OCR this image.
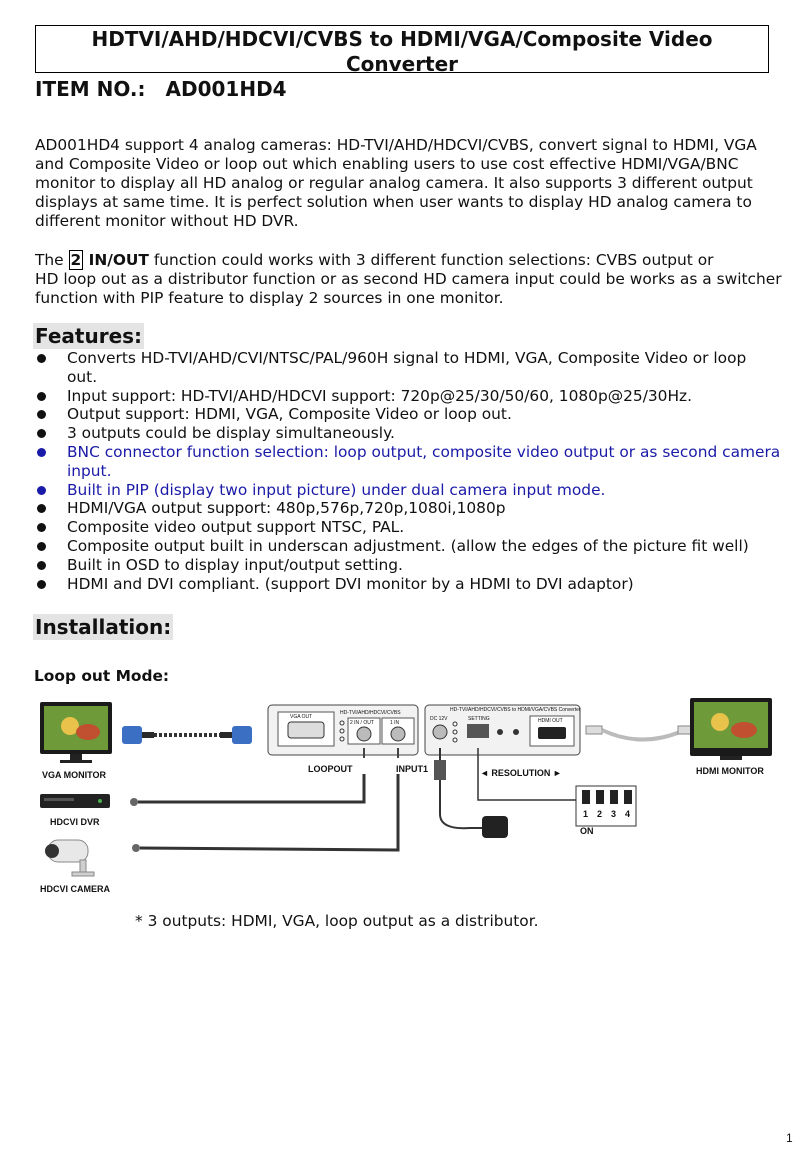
HDTVI/AHD/HDCVI/CVBS to HDMI/VGA/Composite Video
Converter
ITEM NO.: AD001HD4
AD001HD4 support 4 analog cameras: HD-TVI/AHD/HDCVI/CVBS, convert signal to HDMI, VGA
and Composite Video or loop out which enabling users to use cost effective HDMI/VGA/BNC
monitor to display all HD analog or regular analog camera. It also supports 3 different output
displays at same time. It is perfect solution when user wants to display HD analog camera to
different monitor without HD DVR.
The 2 IN/OUT function could works with 3 different function selections: CVBS output or
HD loop out as a distributor function or as second HD camera input could be works as a switcher
function with PIP feature to display 2 sources in one monitor.
Features:
Converts HD-TVI/AHD/CVI/NTSC/PAL/960H signal to HDMI, VGA, Composite Video or loop
out.
Input support: HD-TVI/AHD/HDCVI support: 720p@25/30/50/60, 1080p@25/30Hz.
Output support: HDMI, VGA, Composite Video or loop out.
3 outputs could be display simultaneously.
BNC connector function selection: loop output, composite video output or as second camera
input.
Built in PIP (display two input picture) under dual camera input mode.
HDMI/VGA output support: 480p,576p,720p,1080i,1080p
Composite video output support NTSC, PAL.
Composite output built in underscan adjustment. (allow the edges of the picture fit well)
Built in OSD to display input/output setting.
HDMI and DVI compliant. (support DVI monitor by a HDMI to DVI adaptor)
Installation:
Loop out Mode:
VGA MONITOR
HDCVI DVR
HDCVI CAMERA
VGA OUT
HD-TVI/AHD/HDCVI/CVBS
2 IN / OUT	1 IN
HD-TVI/AHD/HDCVI/CVBS to HDMI/VGA/CVBS Converter
DC 12V	SETTING	HDMI OUT
HDMI MONITOR
LOOPOUT	INPUT1	◄ RESOLUTION ►
1 2 3 4
ON
* 3 outputs: HDMI, VGA, loop output as a distributor.
1
